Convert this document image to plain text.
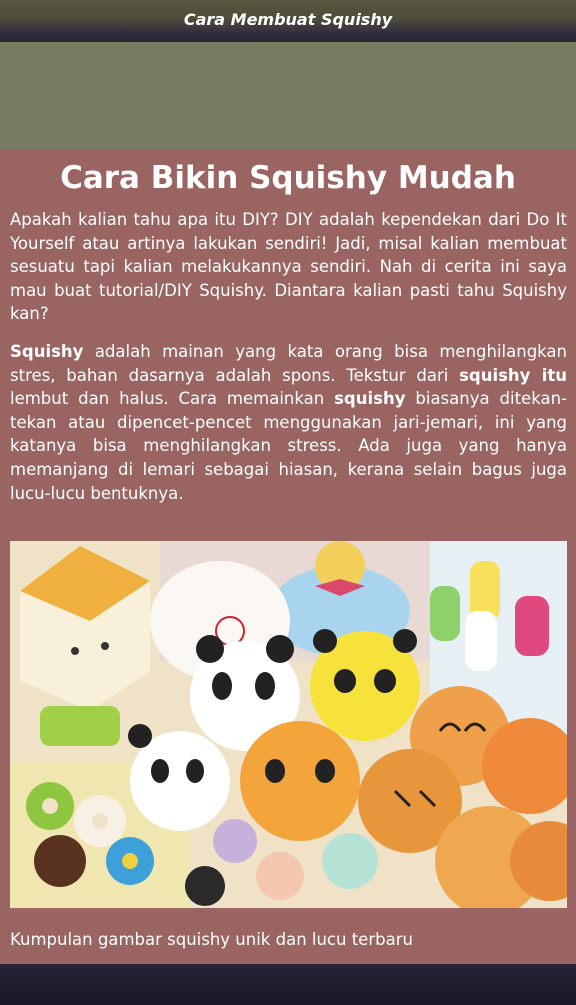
Cara Membuat Squishy
Cara Bikin Squishy Mudah

Apakah kalian tahu apa itu DIY? DIY adalah kependekan dari Do It Yourself atau artinya lakukan sendiri! Jadi, misal kalian membuat sesuatu tapi kalian melakukannya sendiri. Nah di cerita ini saya mau buat tutorial/DIY Squishy. Diantara kalian pasti tahu Squishy kan?

Squishy adalah mainan yang kata orang bisa menghilangkan stres, bahan dasarnya adalah spons. Tekstur dari squishy itu lembut dan halus. Cara memainkan squishy biasanya ditekan-tekan atau dipencet-pencet menggunakan jari-jemari, ini yang katanya bisa menghilangkan stress. Ada juga yang hanya memanjang di lemari sebagai hiasan, kerana selain bagus juga lucu-lucu bentuknya.

Kumpulan gambar squishy unik dan lucu terbaru
